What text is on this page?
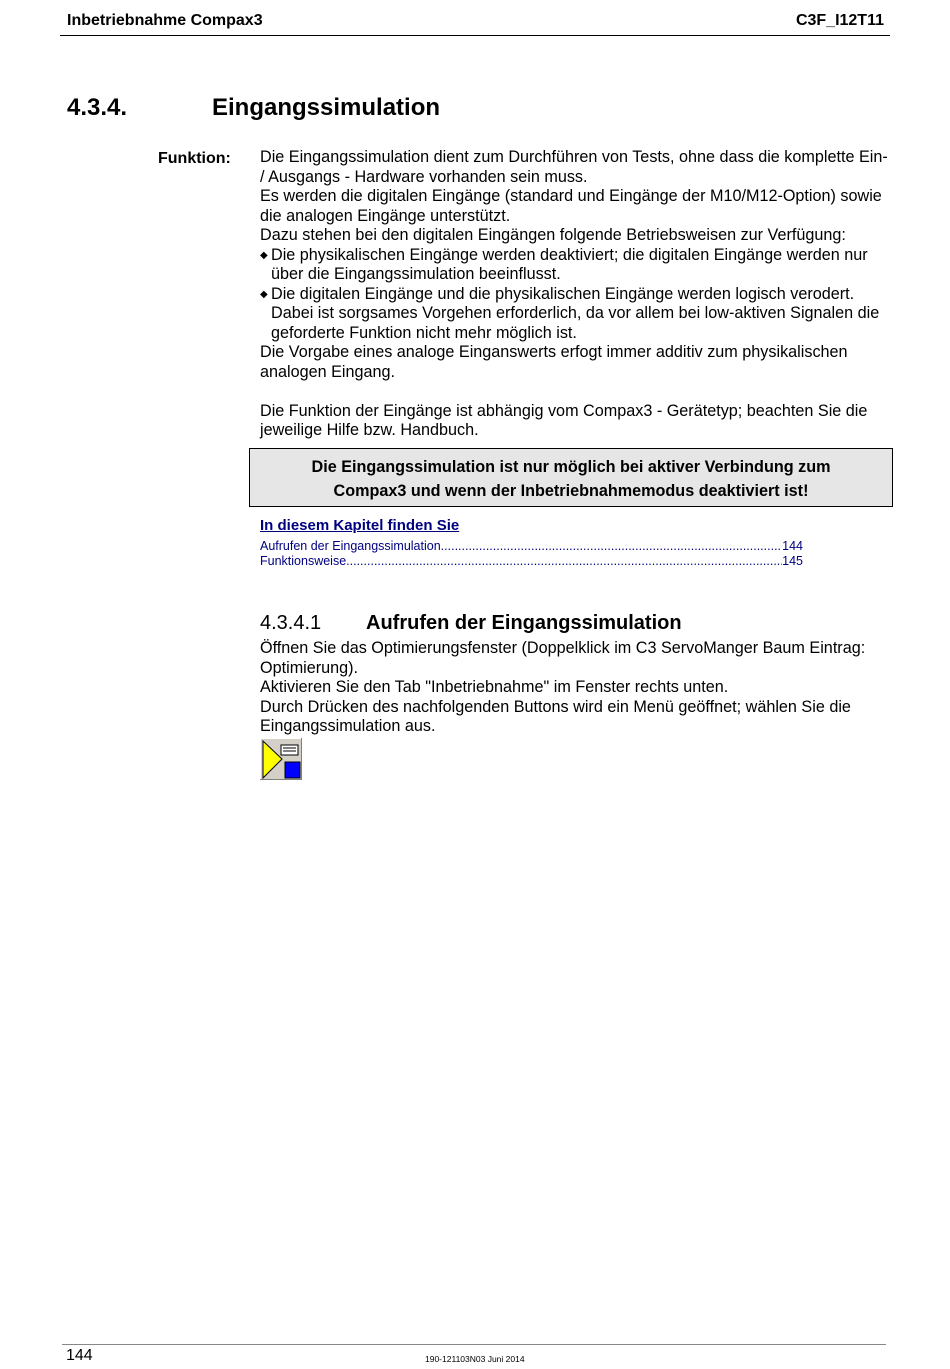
Inbetriebnahme Compax3	C3F_I12T11
4.3.4.	Eingangssimulation
Funktion: Die Eingangssimulation dient zum Durchführen von Tests, ohne dass die komplette Ein- / Ausgangs - Hardware vorhanden sein muss.

Es werden die digitalen Eingänge (standard und Eingänge der M10/M12-Option) sowie die analogen Eingänge unterstützt.

Dazu stehen bei den digitalen Eingängen folgende Betriebsweisen zur Verfügung:

◆ Die physikalischen Eingänge werden deaktiviert; die digitalen Eingänge werden nur über die Eingangssimulation beeinflusst.

◆ Die digitalen Eingänge und die physikalischen Eingänge werden logisch verodert. Dabei ist sorgsames Vorgehen erforderlich, da vor allem bei low-aktiven Signalen die geforderte Funktion nicht mehr möglich ist.

Die Vorgabe eines analoge Einganswerts erfogt immer additiv zum physikalischen analogen Eingang.

Die Funktion der Eingänge ist abhängig vom Compax3 - Gerätetyp; beachten Sie die jeweilige Hilfe bzw. Handbuch.

Die Eingangssimulation ist nur möglich bei aktiver Verbindung zum
Compax3 und wenn der Inbetriebnahmemodus deaktiviert ist!
In diesem Kapitel finden Sie
Aufrufen der Eingangssimulation .....	144
Funktionsweise .....	145
4.3.4.1 Aufrufen der Eingangssimulation

Öffnen Sie das Optimierungsfenster (Doppelklick im C3 ServoManger Baum Eintrag: Optimierung).

Aktivieren Sie den Tab "Inbetriebnahme" im Fenster rechts unten.

Durch Drücken des nachfolgenden Buttons wird ein Menü geöffnet; wählen Sie die Eingangssimulation aus.

144	190-121103N03 Juni 2014
